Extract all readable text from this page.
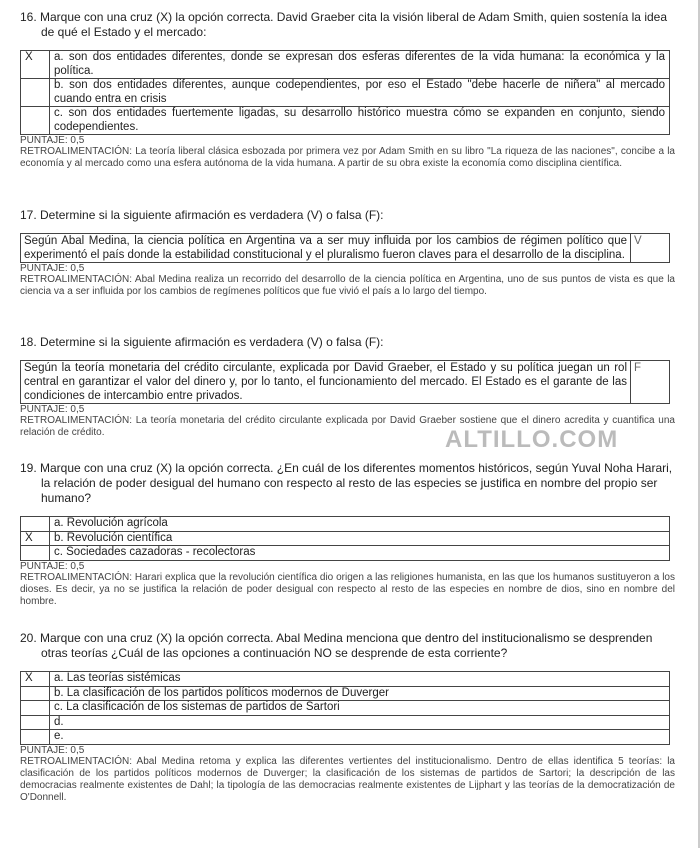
16. Marque con una cruz (X) la opción correcta. David Graeber cita la visión liberal de Adam Smith, quien sostenía la idea de qué el Estado y el mercado:

X	a. son dos entidades diferentes, donde se expresan dos esferas diferentes de la vida humana: la económica y la política.
	b. son dos entidades diferentes, aunque codependientes, por eso el Estado "debe hacerle de niñera" al mercado cuando entra en crisis
	c. son dos entidades fuertemente ligadas, su desarrollo histórico muestra cómo se expanden en conjunto, siendo codependientes.

PUNTAJE: 0,5

RETROALIMENTACIÓN: La teoría liberal clásica esbozada por primera vez por Adam Smith en su libro "La riqueza de las naciones", concibe a la economía y al mercado como una esfera autónoma de la vida humana. A partir de su obra existe la economía como disciplina científica.

17. Determine si la siguiente afirmación es verdadera (V) o falsa (F):

Según Abal Medina, la ciencia política en Argentina va a ser muy influida por los cambios de régimen político que experimentó el país donde la estabilidad constitucional y el pluralismo fueron claves para el desarrollo de la disciplina.	V

PUNTAJE: 0,5

RETROALIMENTACIÓN: Abal Medina realiza un recorrido del desarrollo de la ciencia política en Argentina, uno de sus puntos de vista es que la ciencia va a ser influida por los cambios de regímenes políticos que fue vivió el país a lo largo del tiempo.

18. Determine si la siguiente afirmación es verdadera (V) o falsa (F):

Según la teoría monetaria del crédito circulante, explicada por David Graeber, el Estado y su política juegan un rol central en garantizar el valor del dinero y, por lo tanto, el funcionamiento del mercado. El Estado es el garante de las condiciones de intercambio entre privados.	F

PUNTAJE: 0,5

RETROALIMENTACIÓN: La teoría monetaria del crédito circulante explicada por David Graeber sostiene que el dinero acredita y cuantifica una relación de crédito.	ALTILLO.COM

19. Marque con una cruz (X) la opción correcta. ¿En cuál de los diferentes momentos históricos, según Yuval Noha Harari, la relación de poder desigual del humano con respecto al resto de las especies se justifica en nombre del propio ser humano?

	a. Revolución agrícola
X	b. Revolución científica
	c. Sociedades cazadoras - recolectoras

PUNTAJE: 0,5

RETROALIMENTACIÓN: Harari explica que la revolución científica dio origen a las religiones humanista, en las que los humanos sustituyeron a los dioses. Es decir, ya no se justifica la relación de poder desigual con respecto al resto de las especies en nombre de dios, sino en nombre del hombre.

20. Marque con una cruz (X) la opción correcta. Abal Medina menciona que dentro del institucionalismo se desprenden otras teorías ¿Cuál de las opciones a continuación NO se desprende de esta corriente?

X	a. Las teorías sistémicas
	b. La clasificación de los partidos políticos modernos de Duverger
	c. La clasificación de los sistemas de partidos de Sartori
	d.
	e.

PUNTAJE: 0,5

RETROALIMENTACIÓN: Abal Medina retoma y explica las diferentes vertientes del institucionalismo. Dentro de ellas identifica 5 teorías: la clasificación de los partidos políticos modernos de Duverger; la clasificación de los sistemas de partidos de Sartori; la descripción de las democracias realmente existentes de Dahl; la tipología de las democracias realmente existentes de Lijphart y las teorías de la democratización de O'Donnell.
